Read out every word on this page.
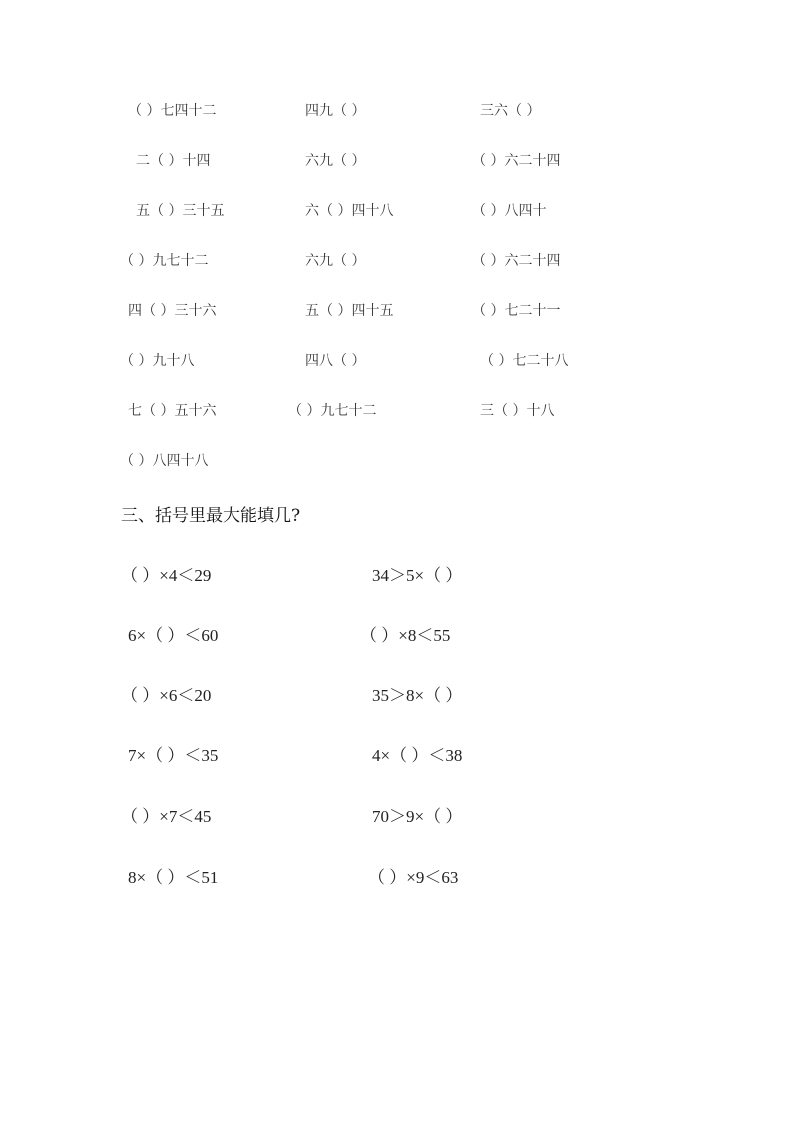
（ ）七四十二	四九（ ）	三六（ ）
二（ ）十四	六九（ ）	（ ）六二十四
五（ ）三十五	六（ ）四十八	（ ）八四十
（ ）九七十二	六九（ ）	（ ）六二十四
四（ ）三十六	五（ ）四十五	（ ）七二十一
（ ）九十八	四八（ ）	（ ）七二十八
七（ ）五十六	（ ）九七十二	三（ ）十八
（ ）八四十八
三、括号里最大能填几?
（ ）×4＜29	34＞5×（ ）
6×（ ）＜60	（ ）×8＜55
（ ）×6＜20	35＞8×（ ）
7×（ ）＜35	4×（ ）＜38
（ ）×7＜45	70＞9×（ ）
8×（ ）＜51	（ ）×9＜63
